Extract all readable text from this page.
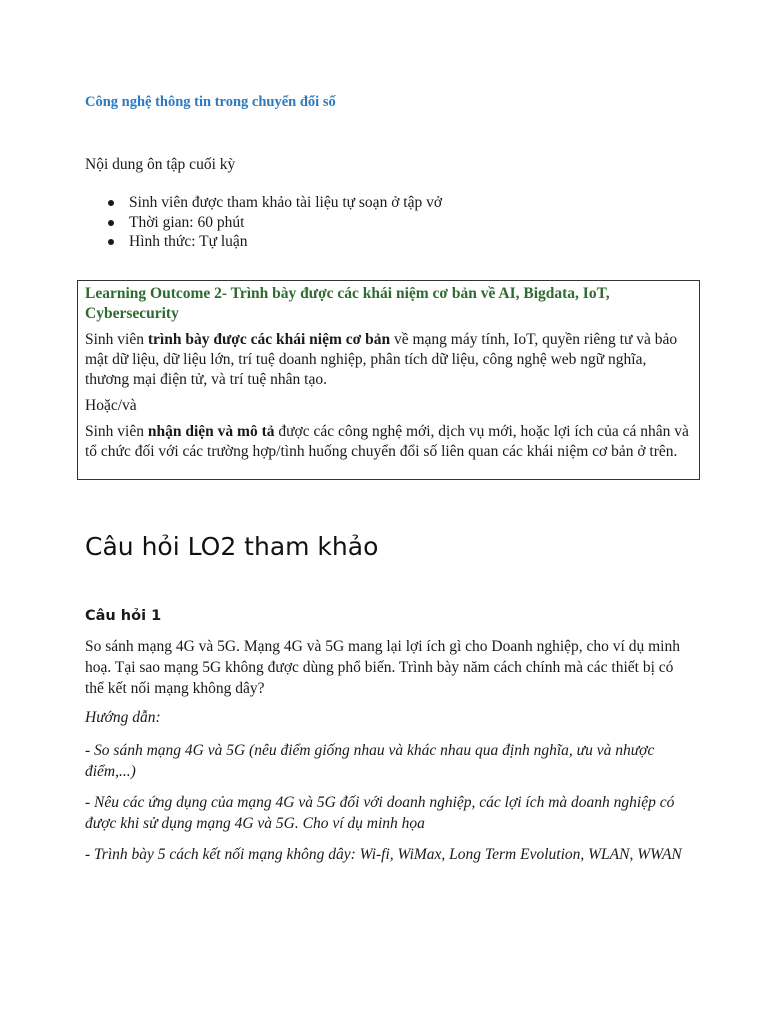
Công nghệ thông tin trong chuyển đổi số
Nội dung ôn tập cuối kỳ
Sinh viên được tham khảo tài liệu tự soạn ở tập vở
Thời gian: 60 phút
Hình thức: Tự luận
Learning Outcome 2- Trình bày được các khái niệm cơ bản về AI, Bigdata, IoT, Cybersecurity

Sinh viên trình bày được các khái niệm cơ bản về mạng máy tính, IoT, quyền riêng tư và bảo mật dữ liệu, dữ liệu lớn, trí tuệ doanh nghiệp, phân tích dữ liệu, công nghệ web ngữ nghĩa, thương mại điện tử, và trí tuệ nhân tạo.

Hoặc/và

Sinh viên nhận diện và mô tả được các công nghệ mới, dịch vụ mới, hoặc lợi ích của cá nhân và tổ chức đối với các trường hợp/tình huống chuyển đổi số liên quan các khái niệm cơ bản ở trên.

Câu hỏi LO2 tham khảo
Câu hỏi 1
So sánh mạng 4G và 5G. Mạng 4G và 5G mang lại lợi ích gì cho Doanh nghiệp, cho ví dụ minh hoạ. Tại sao mạng 5G không được dùng phổ biến. Trình bày năm cách chính mà các thiết bị có thể kết nối mạng không dây?
Hướng dẫn:
- So sánh mạng 4G và 5G (nêu điểm giống nhau và khác nhau qua định nghĩa, ưu và nhược điểm,...)
- Nêu các ứng dụng của mạng 4G và 5G đối với doanh nghiệp, các lợi ích mà doanh nghiệp có được khi sử dụng mạng 4G và 5G. Cho ví dụ minh họa
- Trình bày 5 cách kết nối mạng không dây: Wi-fi, WiMax, Long Term Evolution, WLAN, WWAN
